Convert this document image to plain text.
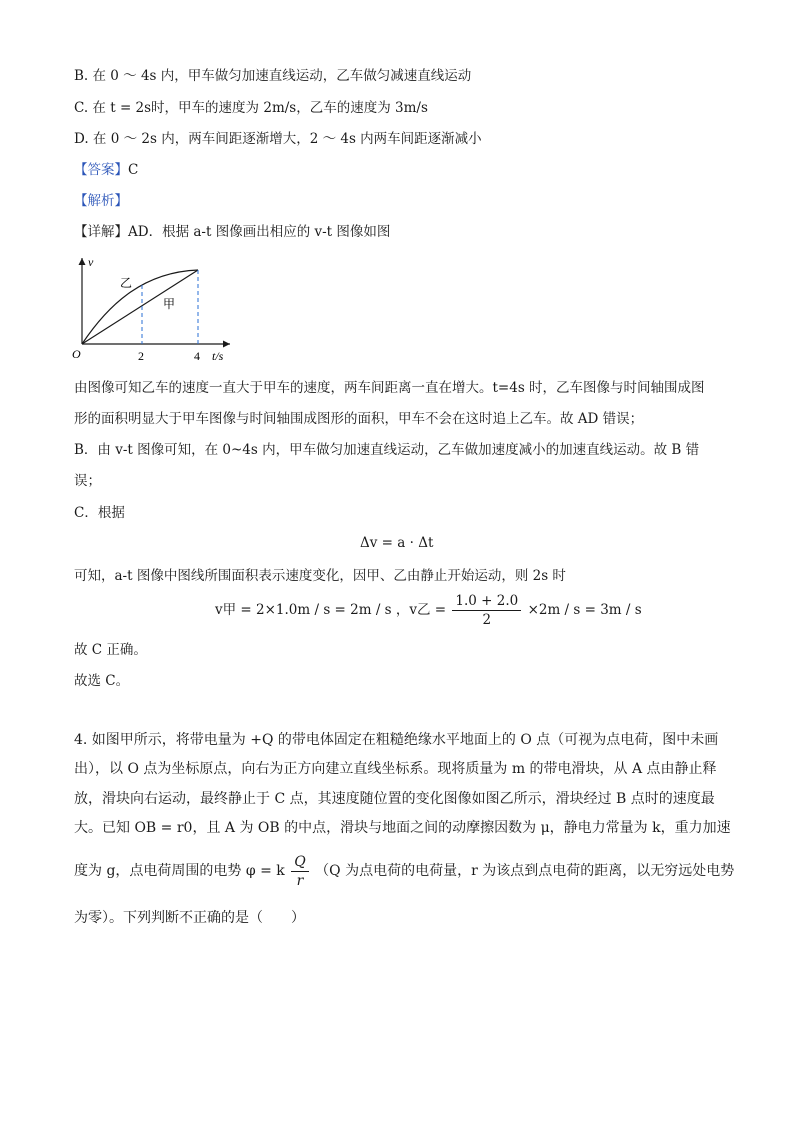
B. 在 0 ～ 4s 内，甲车做匀加速直线运动，乙车做匀减速直线运动
C. 在 t = 2s时，甲车的速度为 2m/s，乙车的速度为 3m/s
D. 在 0 ～ 2s 内，两车间距逐渐增大，2 ～ 4s 内两车间距逐渐减小
【答案】C
【解析】
【详解】AD．根据 a-t 图像画出相应的 v-t 图像如图
v
t/s
O	2	4
乙
甲
由图像可知乙车的速度一直大于甲车的速度，两车间距离一直在增大。t=4s 时，乙车图像与时间轴围成图
形的面积明显大于甲车图像与时间轴围成图形的面积，甲车不会在这时追上乙车。故 AD 错误；
B．由 v-t 图像可知，在 0~4s 内，甲车做匀加速直线运动，乙车做加速度减小的加速直线运动。故 B 错
误；
C．根据
Δv = a · Δt
可知，a-t 图像中图线所围面积表示速度变化，因甲、乙由静止开始运动，则 2s 时
v甲 = 2×1.0m / s = 2m / s ，v乙 = $\frac{1.0 + 2.0}{2} \times 2m / s = 3m / s$
故 C 正确。
故选 C。
4. 如图甲所示，将带电量为 +Q 的带电体固定在粗糙绝缘水平地面上的 O 点（可视为点电荷，图中未画
出），以 O 点为坐标原点，向右为正方向建立直线坐标系。现将质量为 m 的带电滑块，从 A 点由静止释
放，滑块向右运动，最终静止于 C 点，其速度随位置的变化图像如图乙所示，滑块经过 B 点时的速度最
大。已知 OB = r0，且 A 为 OB 的中点，滑块与地面之间的动摩擦因数为 μ，静电力常量为 k，重力加速
度为 g，点电荷周围的电势 φ = k $\frac{Q}{r} (Q$ 为点电荷的电荷量，r 为该点到点电荷的距离，以无穷远处电势
为零）。下列判断不正确的是（　　）
